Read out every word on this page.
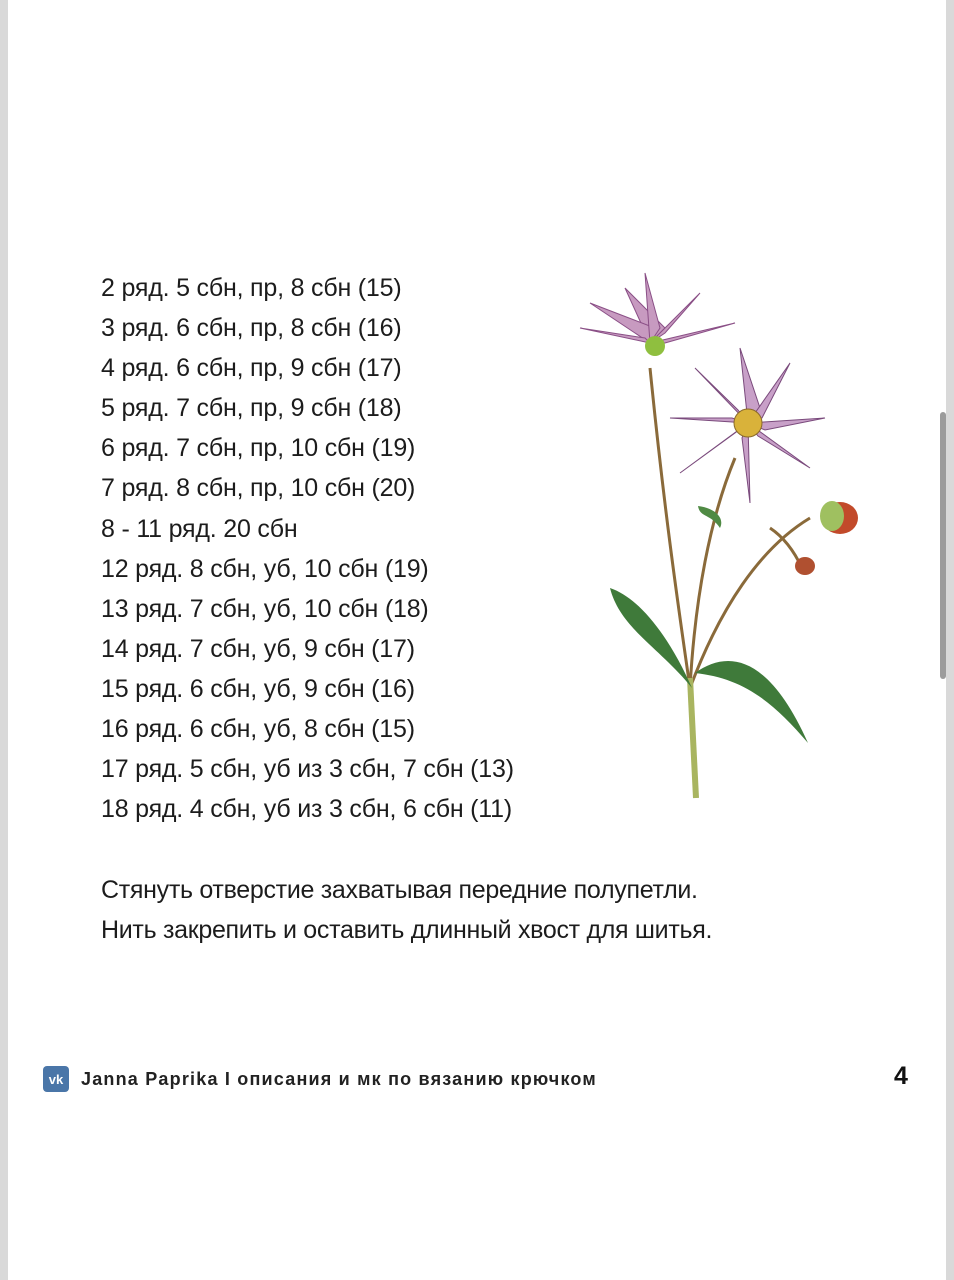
2 ряд. 5 сбн, пр, 8 сбн (15)
3 ряд. 6 сбн, пр, 8 сбн (16)
4 ряд. 6 сбн, пр, 9 сбн (17)
5 ряд. 7 сбн, пр, 9 сбн (18)
6 ряд. 7 сбн, пр, 10 сбн (19)
7 ряд. 8 сбн, пр, 10 сбн (20)
8 - 11 ряд. 20 сбн
12 ряд. 8 сбн, уб, 10 сбн (19)
13 ряд. 7 сбн, уб, 10 сбн (18)
14 ряд. 7 сбн, уб, 9 сбн (17)
15 ряд. 6 сбн, уб, 9 сбн (16)
16 ряд. 6 сбн, уб, 8 сбн (15)
17 ряд. 5 сбн, уб из 3 сбн, 7 сбн (13)
18 ряд. 4 сбн, уб из 3 сбн, 6 сбн (11)
Стянуть отверстие захватывая передние полупетли.
Нить закрепить и оставить длинный хвост для шитья.
vk Janna Paprika I описания и мк по вязанию крючком	4
